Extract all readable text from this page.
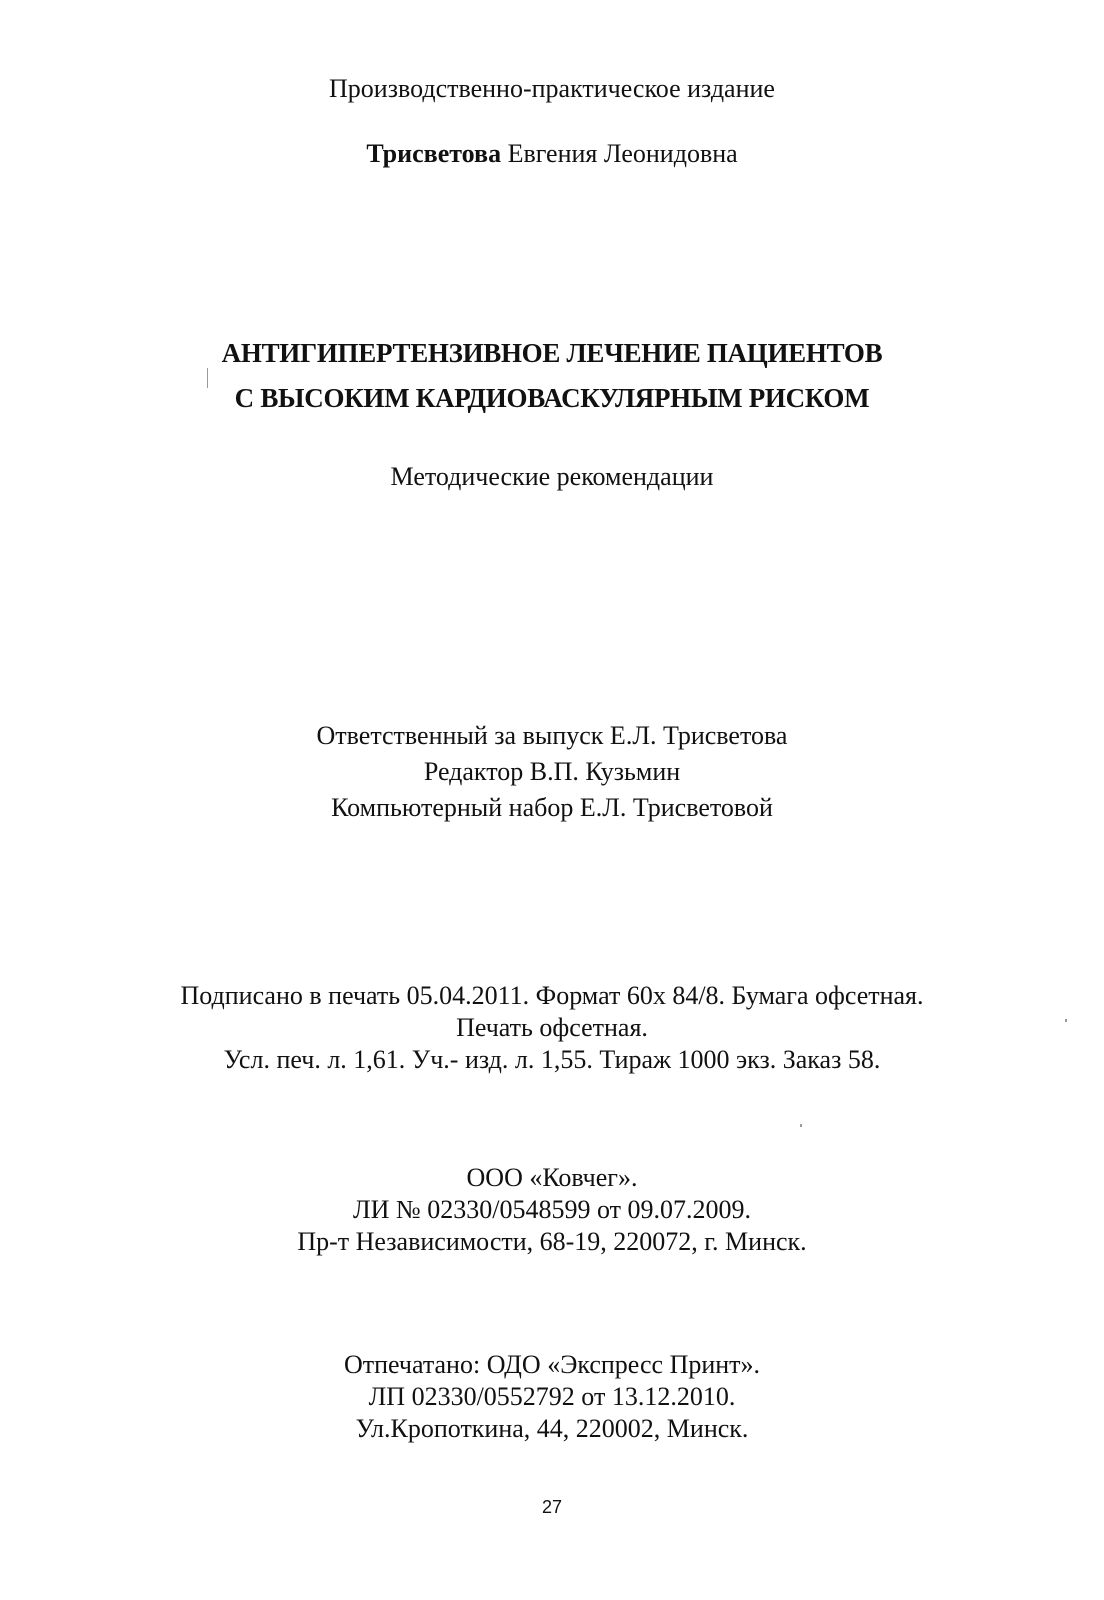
Производственно-практическое издание
Трисветова Евгения Леонидовна
АНТИГИПЕРТЕНЗИВНОЕ ЛЕЧЕНИЕ ПАЦИЕНТОВ
С ВЫСОКИМ КАРДИОВАСКУЛЯРНЫМ РИСКОМ
Методические рекомендации
Ответственный за выпуск Е.Л. Трисветова
Редактор В.П. Кузьмин
Компьютерный набор Е.Л. Трисветовой
Подписано в печать 05.04.2011. Формат 60x 84/8. Бумага офсетная.
Печать офсетная.
Усл. печ. л. 1,61. Уч.- изд. л. 1,55. Тираж 1000 экз. Заказ 58.
ООО «Ковчег».
ЛИ № 02330/0548599 от 09.07.2009.
Пр-т Независимости, 68-19, 220072, г. Минск.
Отпечатано: ОДО «Экспресс Принт».
ЛП 02330/0552792 от 13.12.2010.
Ул.Кропоткина, 44, 220002, Минск.
27
